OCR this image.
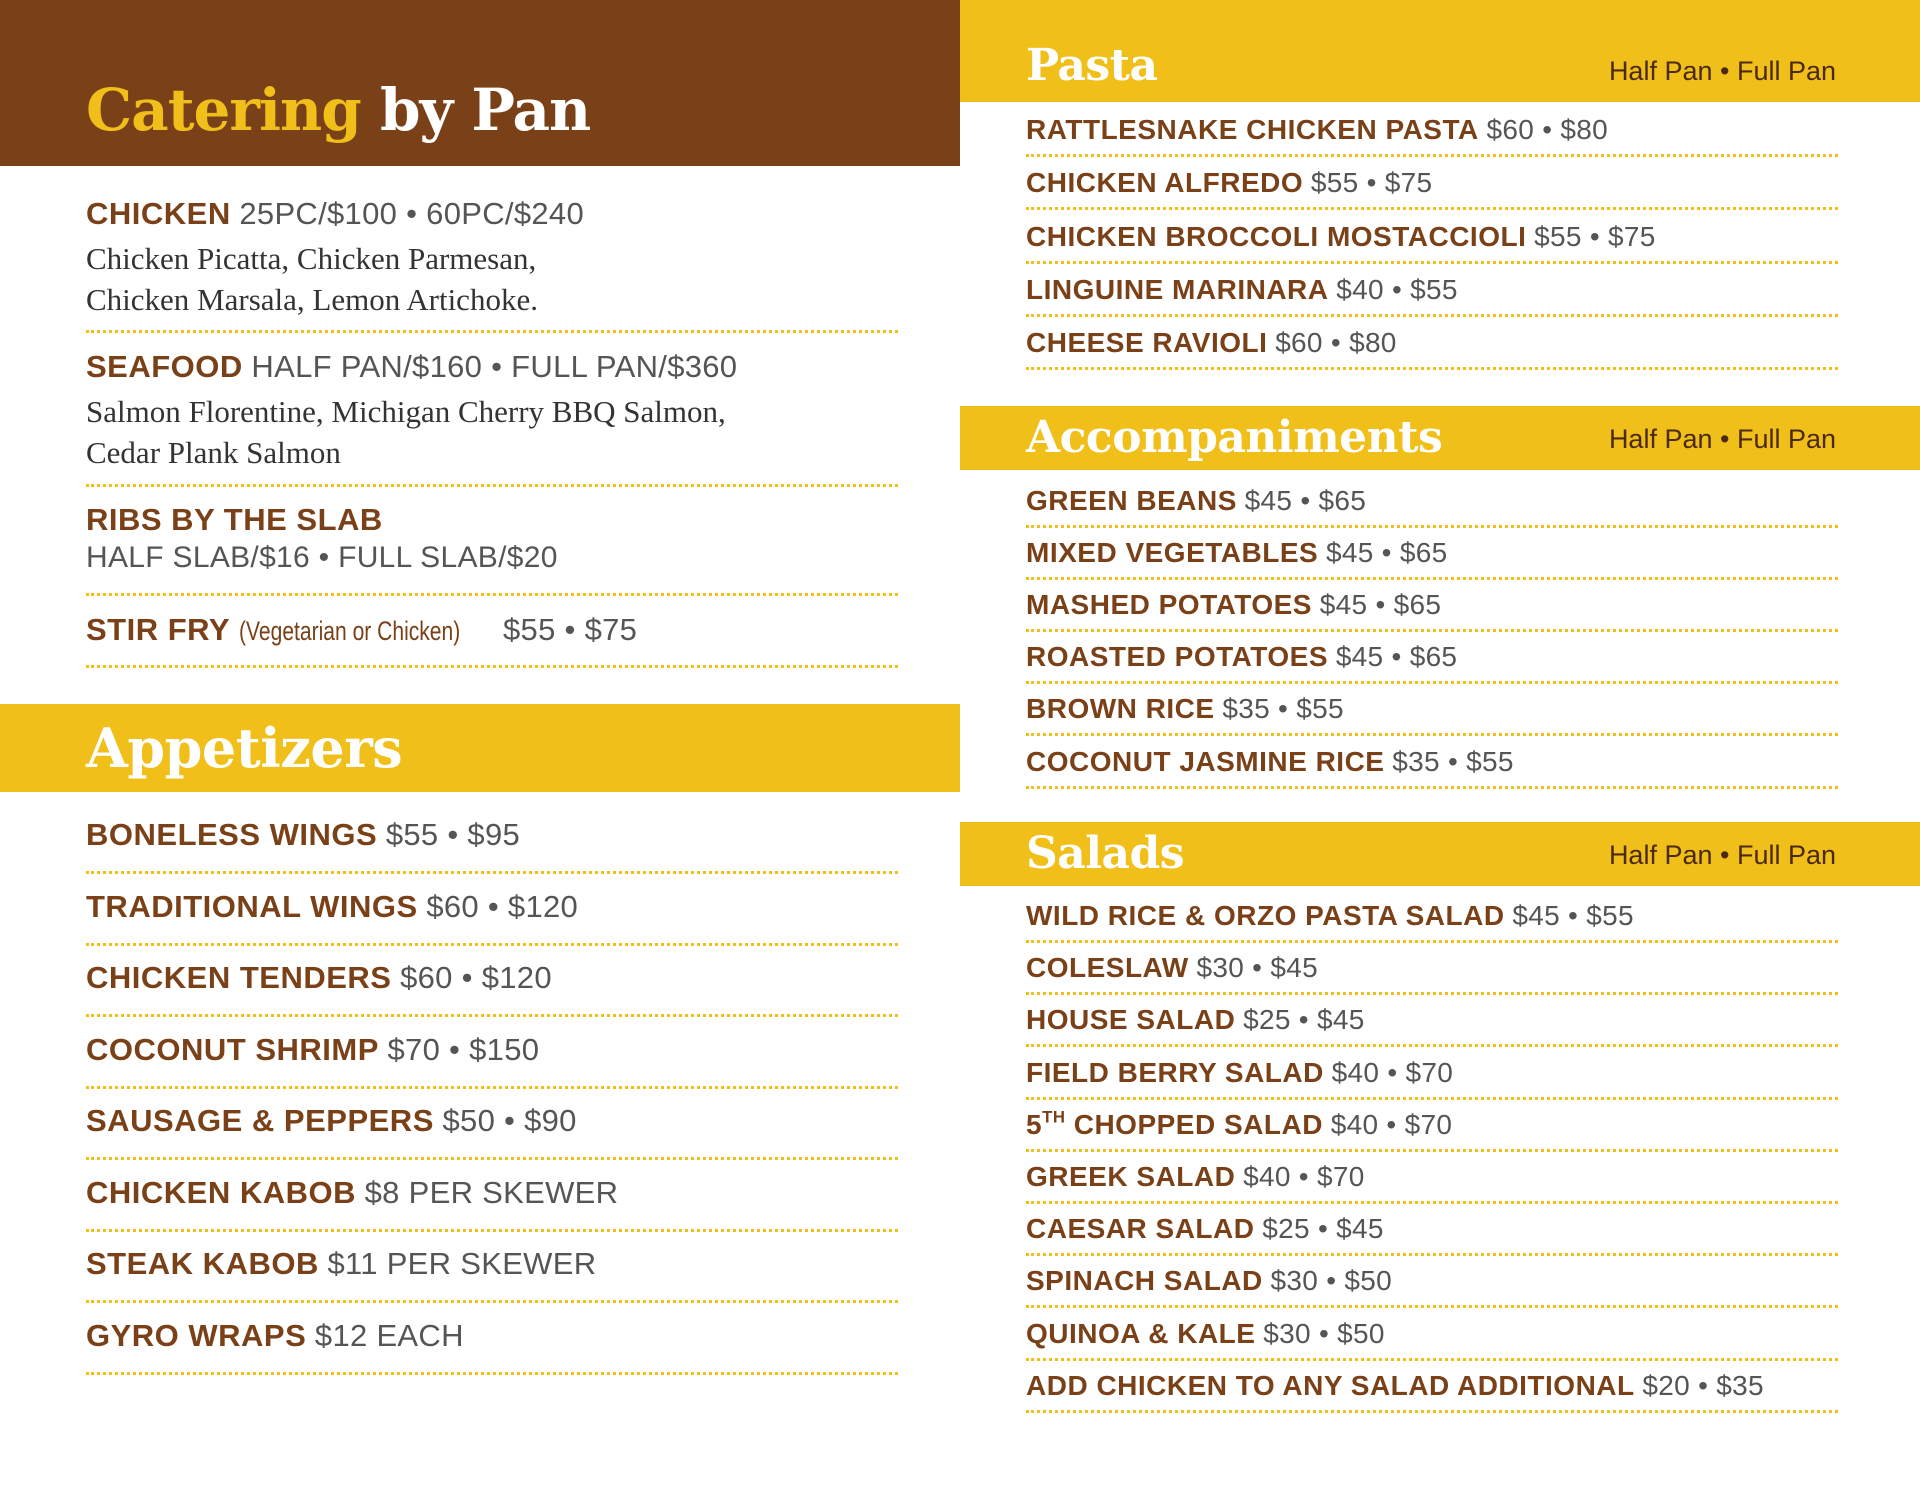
Catering by Pan
CHICKEN 25PC/$100 • 60PC/$240
Chicken Picatta, Chicken Parmesan,
Chicken Marsala, Lemon Artichoke.
SEAFOOD HALF PAN/$160 • FULL PAN/$360
Salmon Florentine, Michigan Cherry BBQ Salmon,
Cedar Plank Salmon
RIBS BY THE SLAB
HALF SLAB/$16 • FULL SLAB/$20
STIR FRY (Vegetarian or Chicken) $55 • $75
Appetizers
BONELESS WINGS $55 • $95
TRADITIONAL WINGS $60 • $120
CHICKEN TENDERS $60 • $120
COCONUT SHRIMP $70 • $150
SAUSAGE & PEPPERS $50 • $90
CHICKEN KABOB $8 PER SKEWER
STEAK KABOB $11 PER SKEWER
GYRO WRAPS $12 EACH
Pasta	Half Pan • Full Pan
RATTLESNAKE CHICKEN PASTA $60 • $80
CHICKEN ALFREDO $55 • $75
CHICKEN BROCCOLI MOSTACCIOLI $55 • $75
LINGUINE MARINARA $40 • $55
CHEESE RAVIOLI $60 • $80
Accompaniments	Half Pan • Full Pan
GREEN BEANS $45 • $65
MIXED VEGETABLES $45 • $65
MASHED POTATOES $45 • $65
ROASTED POTATOES $45 • $65
BROWN RICE $35 • $55
COCONUT JASMINE RICE $35 • $55
Salads	Half Pan • Full Pan
WILD RICE & ORZO PASTA SALAD $45 • $55
COLESLAW $30 • $45
HOUSE SALAD $25 • $45
FIELD BERRY SALAD $40 • $70
5TH CHOPPED SALAD $40 • $70
GREEK SALAD $40 • $70
CAESAR SALAD $25 • $45
SPINACH SALAD $30 • $50
QUINOA & KALE $30 • $50
ADD CHICKEN TO ANY SALAD ADDITIONAL $20 • $35
